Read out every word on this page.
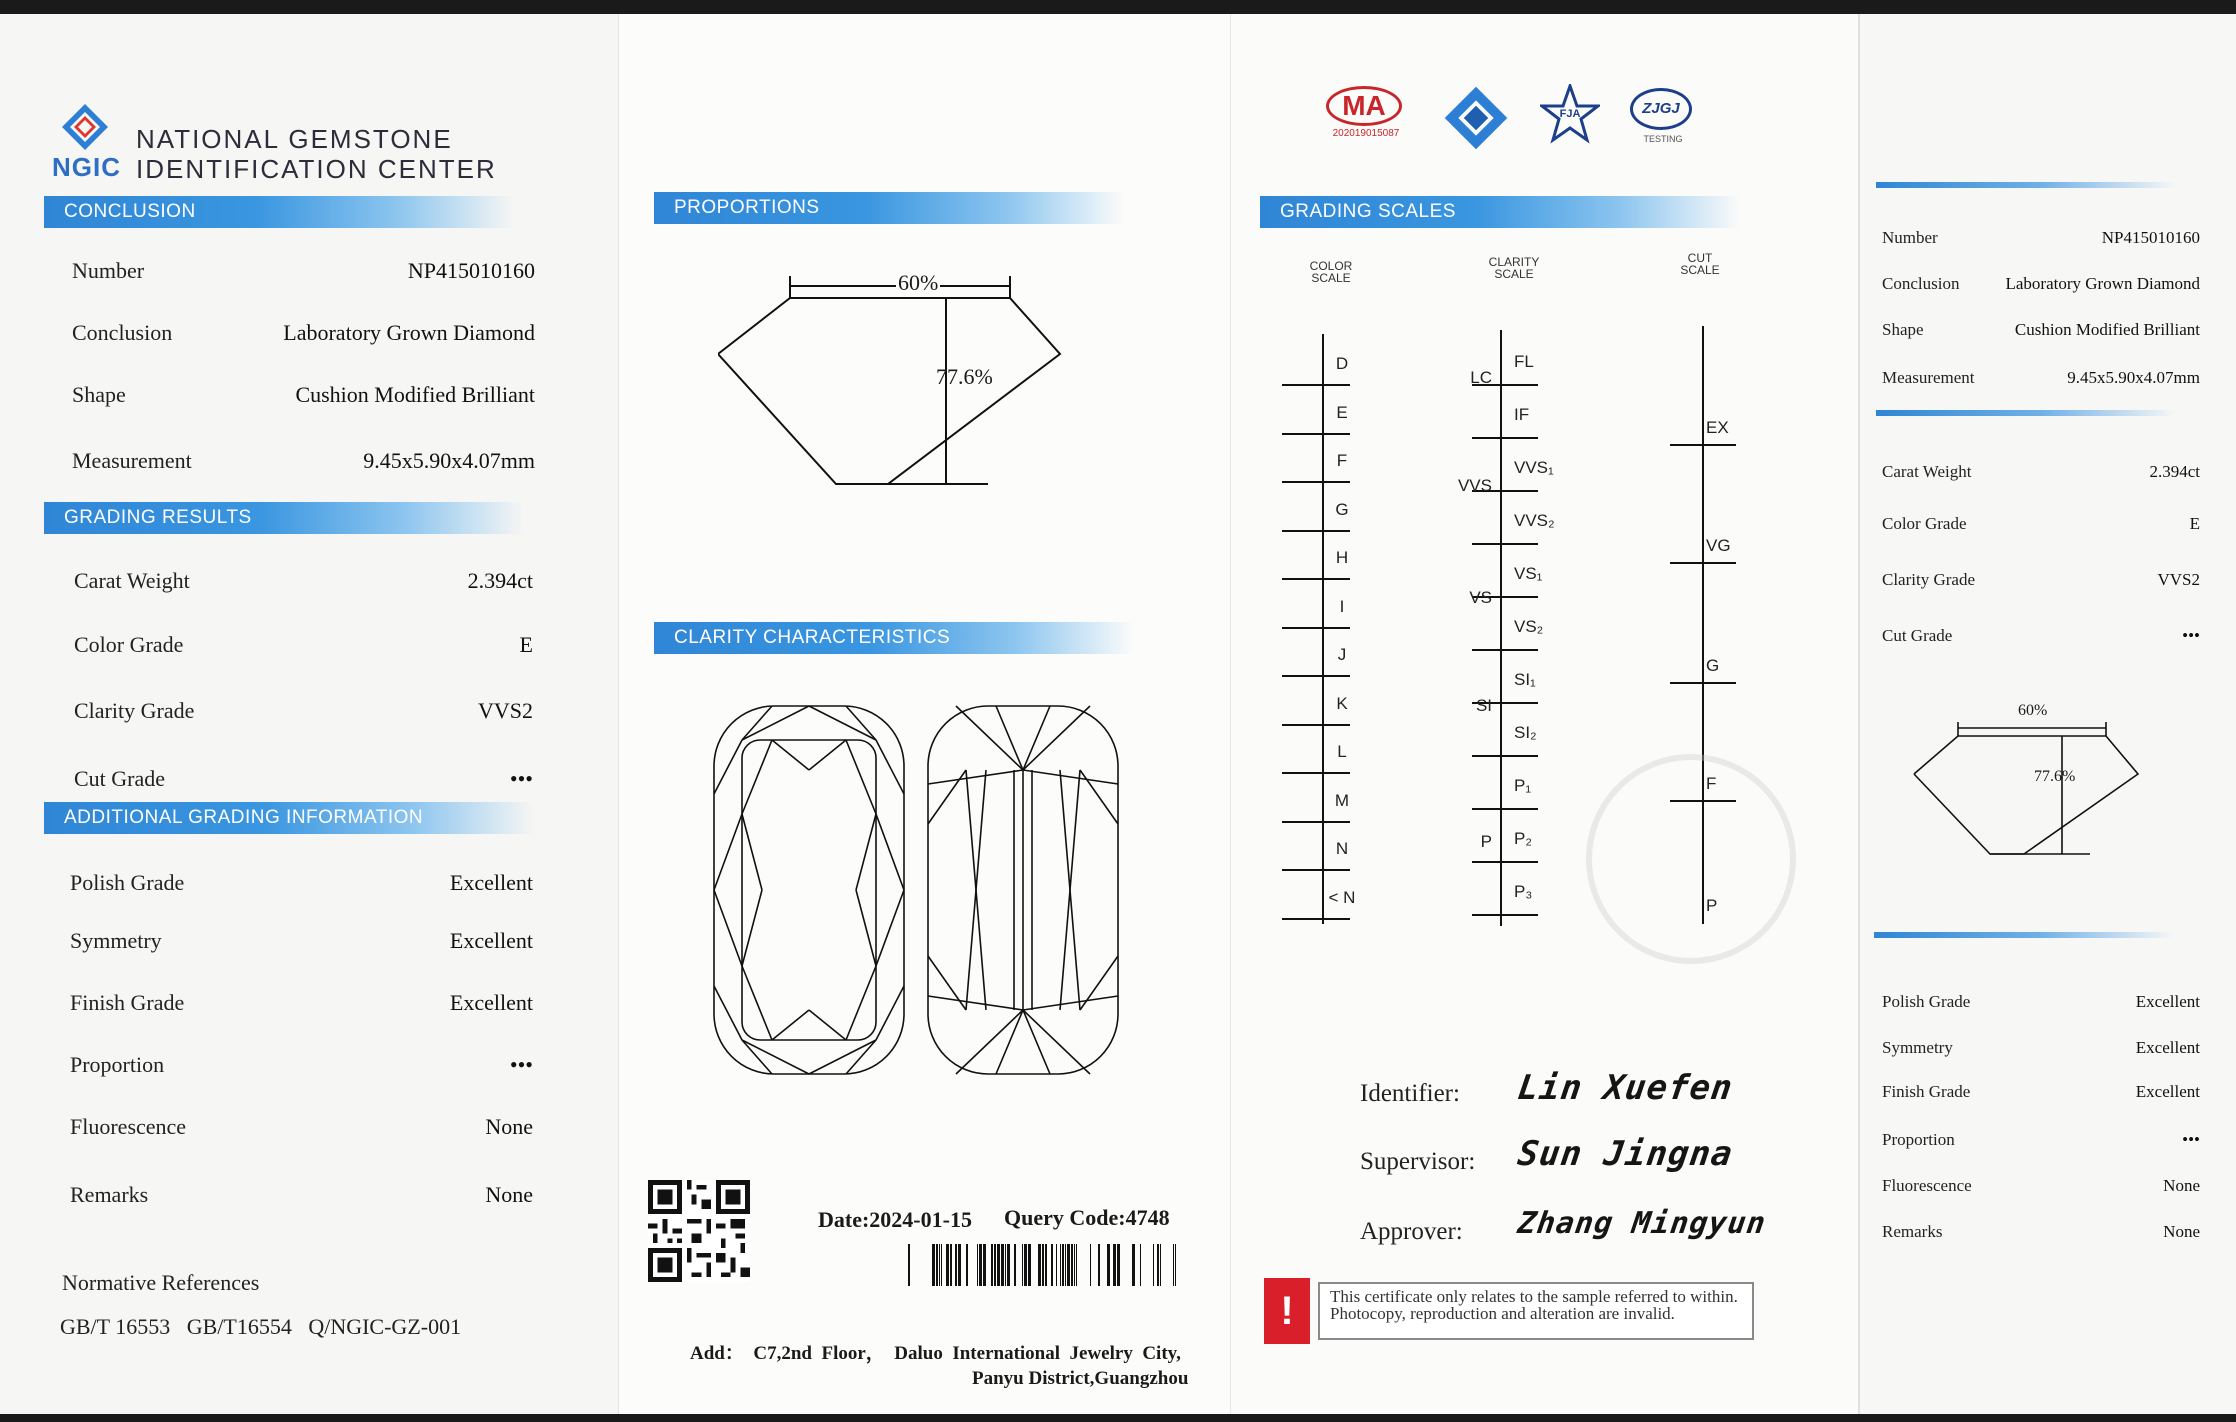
NATIONAL GEMSTONE
NGIC IDENTIFICATION CENTER
CONCLUSION
Number	NP415010160
Conclusion	Laboratory Grown Diamond
Shape	Cushion Modified Brilliant
Measurement	9.45x5.90x4.07mm
GRADING RESULTS
Carat Weight	2.394ct
Color Grade	E
Clarity Grade	VVS2
Cut Grade	•••
ADDITIONAL GRADING INFORMATION
Polish Grade	Excellent
Symmetry	Excellent
Finish Grade	Excellent
Proportion	•••
Fluorescence	None
Remarks	None
Normative References
GB/T 16553   GB/T16554   Q/NGIC-GZ-001
PROPORTIONS
60%
77.6%
CLARITY CHARACTERISTICS
Date:2024-01-15 Query Code:4748
Add：  C7,2nd  Floor，  Daluo  International  Jewelry  City,
Panyu District,Guangzhou
MA
202019015087
FJA	ZJGJ
TESTING
GRADING SCALES
COLOR
SCALE
CLARITY
SCALE
CUT
SCALE
D
E
F
G
H
I
J
K
L
M
N
< N
FL
IF
VVS₁
VVS₂
VS₁
VS₂
SI₁
SI₂
P₁
P₂
P₃
LC
VVS
VS
SI
P
EX
VG
G
F
P
Identifier: Lin Xuefen
Supervisor: Sun Jingna
Approver: Zhang Mingyun
!	This certificate only relates to the sample referred to within. Photocopy, reproduction and alteration are invalid.
Number	NP415010160
Conclusion	Laboratory Grown Diamond
Shape	Cushion Modified Brilliant
Measurement	9.45x5.90x4.07mm
Carat Weight	2.394ct
Color Grade	E
Clarity Grade	VVS2
Cut Grade	•••
60%
77.6%
Polish Grade	Excellent
Symmetry	Excellent
Finish Grade	Excellent
Proportion	•••
Fluorescence	None
Remarks	None
